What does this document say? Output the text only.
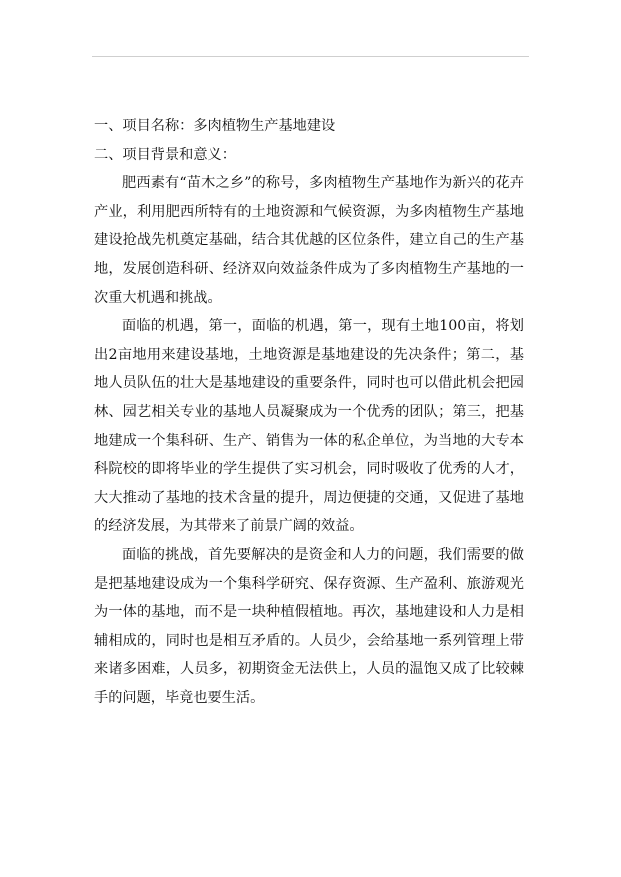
一、项目名称：多肉植物生产基地建设

二、项目背景和意义：

肥西素有“苗木之乡”的称号，多肉植物生产基地作为新兴的花卉产业，利用肥西所特有的土地资源和气候资源，为多肉植物生产基地建设抢战先机奠定基础，结合其优越的区位条件，建立自己的生产基地，发展创造科研、经济双向效益条件成为了多肉植物生产基地的一次重大机遇和挑战。

面临的机遇，第一，面临的机遇，第一，现有土地100亩，将划出2亩地用来建设基地，土地资源是基地建设的先决条件；第二，基地人员队伍的壮大是基地建设的重要条件，同时也可以借此机会把园林、园艺相关专业的基地人员凝聚成为一个优秀的团队；第三，把基地建成一个集科研、生产、销售为一体的私企单位，为当地的大专本科院校的即将毕业的学生提供了实习机会，同时吸收了优秀的人才，大大推动了基地的技术含量的提升，周边便捷的交通，又促进了基地的经济发展，为其带来了前景广阔的效益。

面临的挑战，首先要解决的是资金和人力的问题，我们需要的做是把基地建设成为一个集科学研究、保存资源、生产盈利、旅游观光为一体的基地，而不是一块种植假植地。再次，基地建设和人力是相辅相成的，同时也是相互矛盾的。人员少，会给基地一系列管理上带来诸多困难，人员多，初期资金无法供上，人员的温饱又成了比较棘手的问题，毕竟也要生活。
